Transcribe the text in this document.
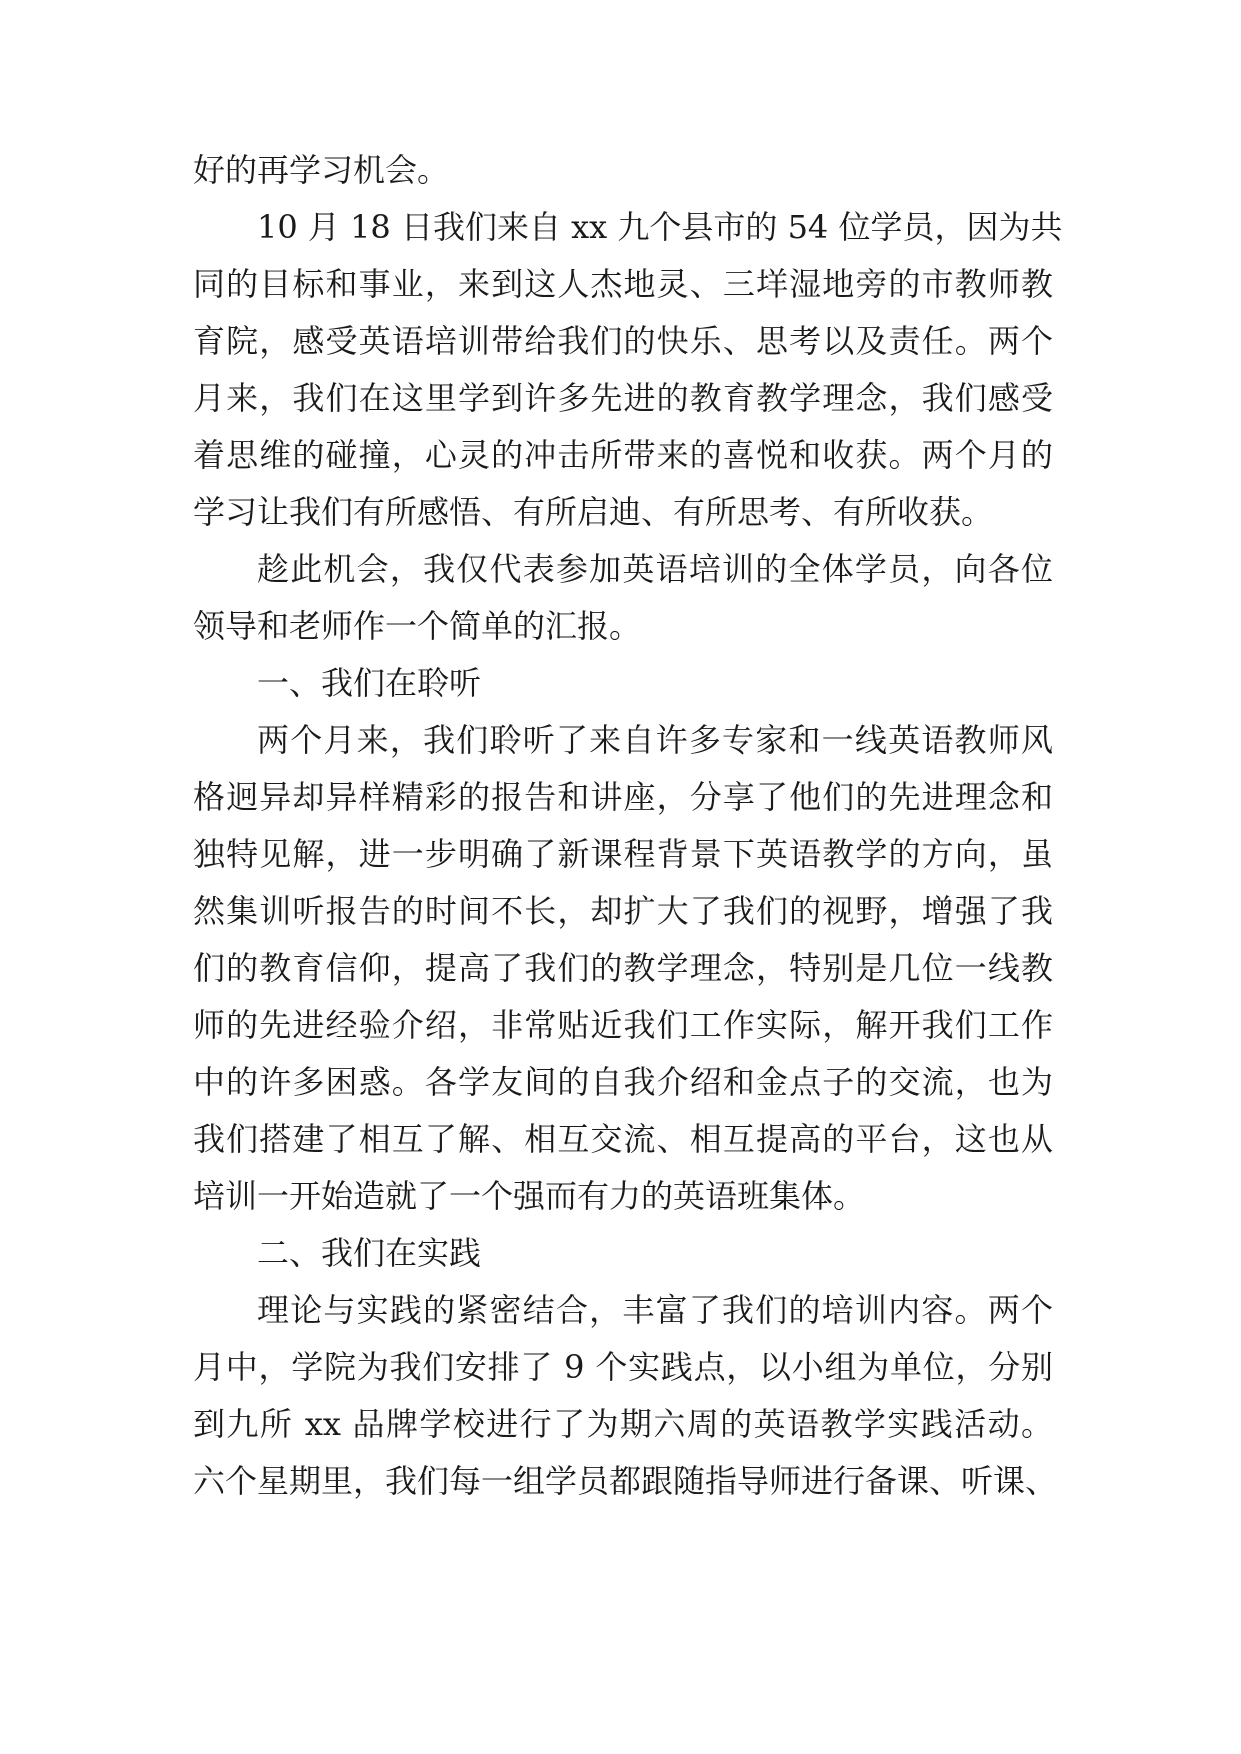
好的再学习机会。
10 月 18 日我们来自 xx 九个县市的 54 位学员，因为共
同的目标和事业，来到这人杰地灵、三垟湿地旁的市教师教
育院，感受英语培训带给我们的快乐、思考以及责任。两个
月来，我们在这里学到许多先进的教育教学理念，我们感受
着思维的碰撞，心灵的冲击所带来的喜悦和收获。两个月的
学习让我们有所感悟、有所启迪、有所思考、有所收获。
趁此机会，我仅代表参加英语培训的全体学员，向各位
领导和老师作一个简单的汇报。
一、我们在聆听
两个月来，我们聆听了来自许多专家和一线英语教师风
格迥异却异样精彩的报告和讲座，分享了他们的先进理念和
独特见解，进一步明确了新课程背景下英语教学的方向，虽
然集训听报告的时间不长，却扩大了我们的视野，增强了我
们的教育信仰，提高了我们的教学理念，特别是几位一线教
师的先进经验介绍，非常贴近我们工作实际，解开我们工作
中的许多困惑。各学友间的自我介绍和金点子的交流，也为
我们搭建了相互了解、相互交流、相互提高的平台，这也从
培训一开始造就了一个强而有力的英语班集体。
二、我们在实践
理论与实践的紧密结合，丰富了我们的培训内容。两个
月中，学院为我们安排了 9 个实践点，以小组为单位，分别
到九所 xx 品牌学校进行了为期六周的英语教学实践活动。
六个星期里，我们每一组学员都跟随指导师进行备课、听课、
